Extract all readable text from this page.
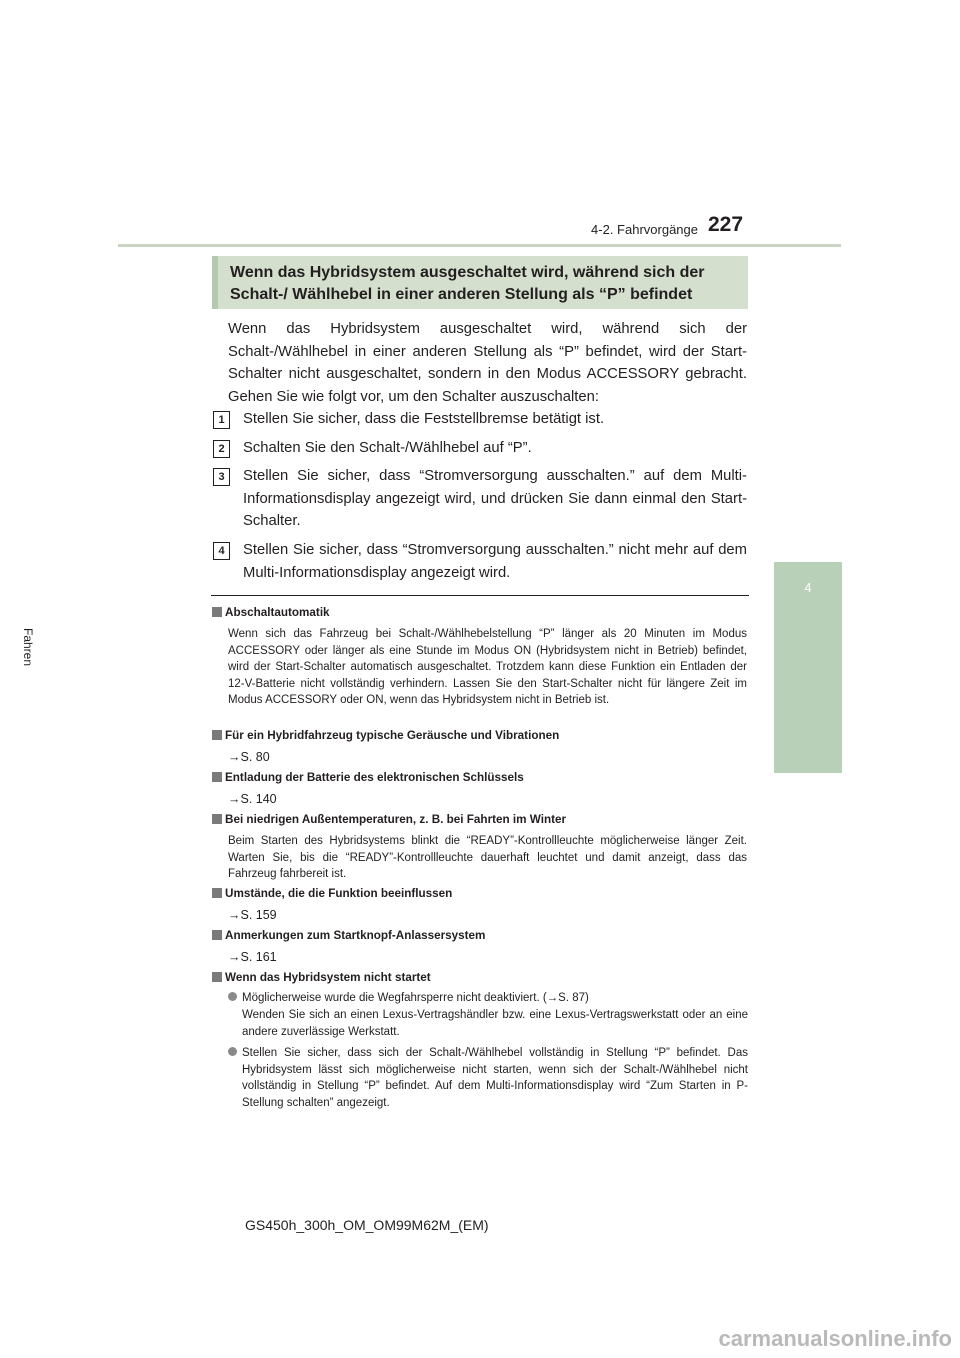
4-2. Fahrvorgänge 227
4
Fahren
Wenn das Hybridsystem ausgeschaltet wird, während sich der Schalt-/ Wählhebel in einer anderen Stellung als “P” befindet
Wenn das Hybridsystem ausgeschaltet wird, während sich der Schalt-/Wählhebel in einer anderen Stellung als “P” befindet, wird der Start-Schalter nicht ausgeschaltet, sondern in den Modus ACCESSORY gebracht. Gehen Sie wie folgt vor, um den Schalter auszuschalten:
1	Stellen Sie sicher, dass die Feststellbremse betätigt ist.
2	Schalten Sie den Schalt-/Wählhebel auf “P”.
3	Stellen Sie sicher, dass “Stromversorgung ausschalten.” auf dem Multi-Informationsdisplay angezeigt wird, und drücken Sie dann einmal den Start-Schalter.
4	Stellen Sie sicher, dass “Stromversorgung ausschalten.” nicht mehr auf dem Multi-Informationsdisplay angezeigt wird.
Abschaltautomatik
Wenn sich das Fahrzeug bei Schalt-/Wählhebelstellung “P” länger als 20 Minuten im Modus ACCESSORY oder länger als eine Stunde im Modus ON (Hybridsystem nicht in Betrieb) befindet, wird der Start-Schalter automatisch ausgeschaltet. Trotzdem kann diese Funktion ein Entladen der 12-V-Batterie nicht vollständig verhindern. Lassen Sie den Start-Schalter nicht für längere Zeit im Modus ACCESSORY oder ON, wenn das Hybridsystem nicht in Betrieb ist.
Für ein Hybridfahrzeug typische Geräusche und Vibrationen
→S. 80
Entladung der Batterie des elektronischen Schlüssels
→S. 140
Bei niedrigen Außentemperaturen, z. B. bei Fahrten im Winter
Beim Starten des Hybridsystems blinkt die “READY”-Kontrollleuchte möglicherweise länger Zeit. Warten Sie, bis die “READY”-Kontrollleuchte dauerhaft leuchtet und damit anzeigt, dass das Fahrzeug fahrbereit ist.
Umstände, die die Funktion beeinflussen
→S. 159
Anmerkungen zum Startknopf-Anlassersystem
→S. 161
Wenn das Hybridsystem nicht startet
Möglicherweise wurde die Wegfahrsperre nicht deaktiviert. (→S. 87)
Wenden Sie sich an einen Lexus-Vertragshändler bzw. eine Lexus-Vertragswerkstatt oder an eine andere zuverlässige Werkstatt.
Stellen Sie sicher, dass sich der Schalt-/Wählhebel vollständig in Stellung “P” befindet. Das Hybridsystem lässt sich möglicherweise nicht starten, wenn sich der Schalt-/Wählhebel nicht vollständig in Stellung “P” befindet. Auf dem Multi-Informationsdisplay wird “Zum Starten in P-Stellung schalten” angezeigt.
GS450h_300h_OM_OM99M62M_(EM)
carmanualsonline.info
